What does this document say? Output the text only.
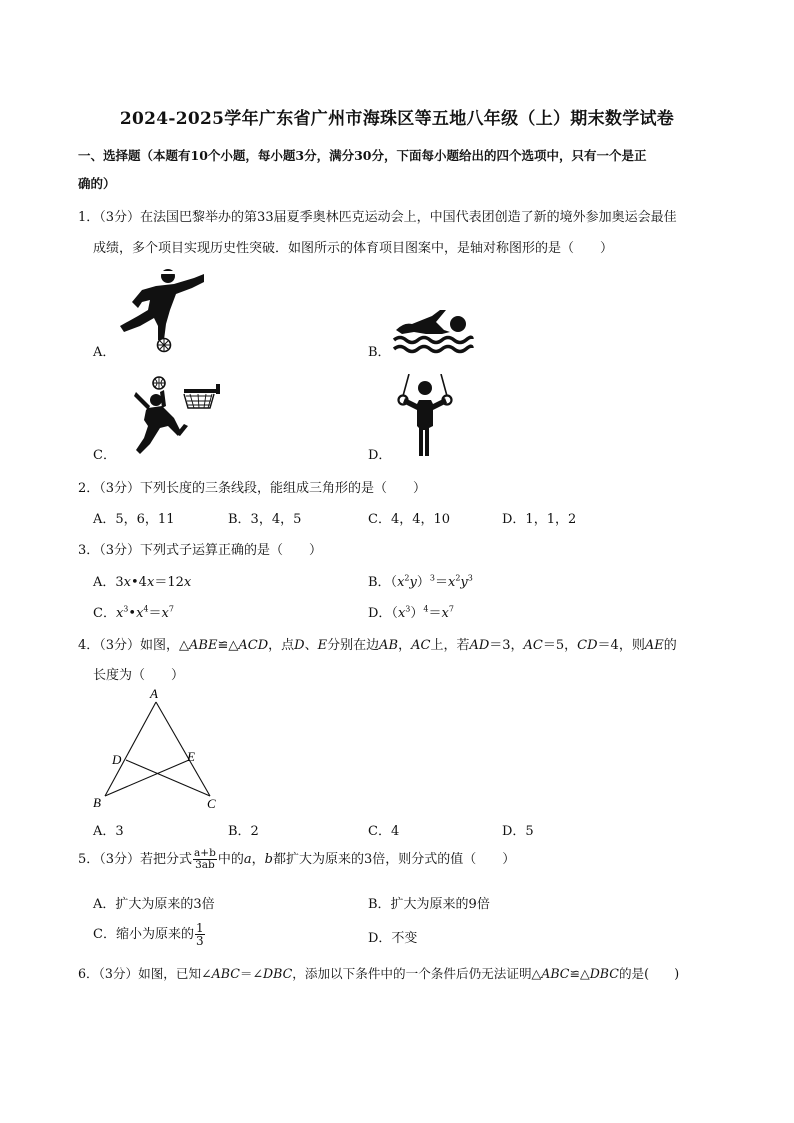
2024-2025学年广东省广州市海珠区等五地八年级（上）期末数学试卷
一、选择题（本题有10个小题，每小题3分，满分30分，下面每小题给出的四个选项中，只有一个是正
确的）
1．（3分）在法国巴黎举办的第33届夏季奥林匹克运动会上，中国代表团创造了新的境外参加奥运会最佳
成绩，多个项目实现历史性突破．如图所示的体育项目图案中，是轴对称图形的是（　　）
A．	B．
C．	D．
2．（3分）下列长度的三条线段，能组成三角形的是（　　）
A．5，6，11	B．3，4，5	C．4，4，10	D．1，1，2
3．（3分）下列式子运算正确的是（　　）
A．3x•4x＝12x	B．$(x^2y)^3=x^2y^3$
C．$x^3•x^4=x^7$	D．$(x^3)^4=x^7$
4．（3分）如图，△ABE≌△ACD，点D、E分别在边AB，AC上，若AD＝3，AC＝5，CD＝4，则AE的
长度为（　　）
A
D	E
B	C
A．3	B．2	C．4	D．5
5．（3分）若把分式 $\frac{a+b}{3ab}$ 中的a，b都扩大为原来的3倍，则分式的值（　　）
A．扩大为原来的3倍	B．扩大为原来的9倍
C．缩小为原来的 $\frac{1}{3}$	D．不变
6．（3分）如图，已知∠ABC＝∠DBC，添加以下条件中的一个条件后仍无法证明△ABC≌△DBC的是(　　)
